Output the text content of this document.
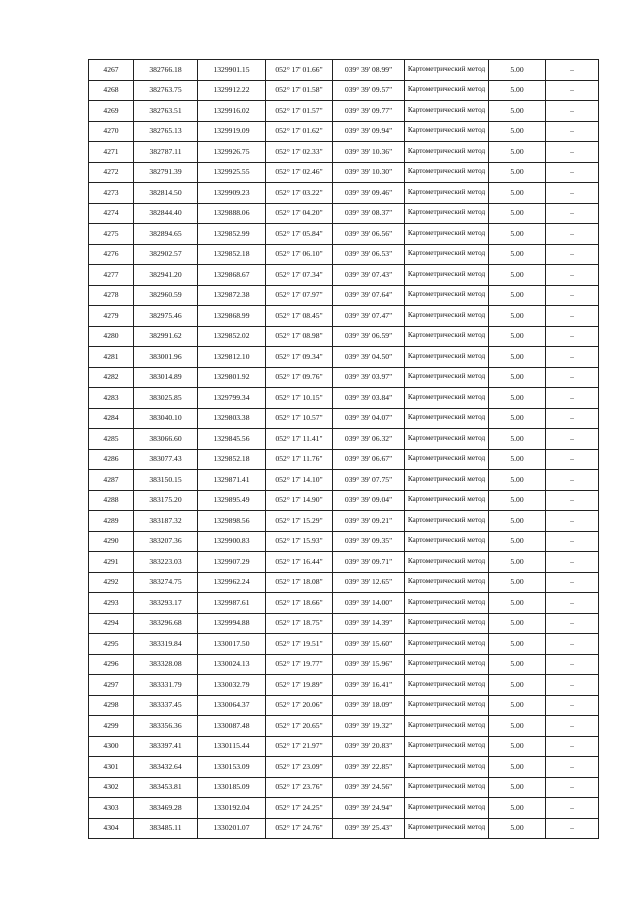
4267	382766.18	1329901.15	052° 17' 01.66"	039° 39' 08.99"	Картометрический метод	5.00	–
4268	382763.75	1329912.22	052° 17' 01.58"	039° 39' 09.57"	Картометрический метод	5.00	–
4269	382763.51	1329916.02	052° 17' 01.57"	039° 39' 09.77"	Картометрический метод	5.00	–
4270	382765.13	1329919.09	052° 17' 01.62"	039° 39' 09.94"	Картометрический метод	5.00	–
4271	382787.11	1329926.75	052° 17' 02.33"	039° 39' 10.36"	Картометрический метод	5.00	–
4272	382791.39	1329925.55	052° 17' 02.46"	039° 39' 10.30"	Картометрический метод	5.00	–
4273	382814.50	1329909.23	052° 17' 03.22"	039° 39' 09.46"	Картометрический метод	5.00	–
4274	382844.40	1329888.06	052° 17' 04.20"	039° 39' 08.37"	Картометрический метод	5.00	–
4275	382894.65	1329852.99	052° 17' 05.84"	039° 39' 06.56"	Картометрический метод	5.00	–
4276	382902.57	1329852.18	052° 17' 06.10"	039° 39' 06.53"	Картометрический метод	5.00	–
4277	382941.20	1329868.67	052° 17' 07.34"	039° 39' 07.43"	Картометрический метод	5.00	–
4278	382960.59	1329872.38	052° 17' 07.97"	039° 39' 07.64"	Картометрический метод	5.00	–
4279	382975.46	1329868.99	052° 17' 08.45"	039° 39' 07.47"	Картометрический метод	5.00	–
4280	382991.62	1329852.02	052° 17' 08.98"	039° 39' 06.59"	Картометрический метод	5.00	–
4281	383001.96	1329812.10	052° 17' 09.34"	039° 39' 04.50"	Картометрический метод	5.00	–
4282	383014.89	1329801.92	052° 17' 09.76"	039° 39' 03.97"	Картометрический метод	5.00	–
4283	383025.85	1329799.34	052° 17' 10.15"	039° 39' 03.84"	Картометрический метод	5.00	–
4284	383040.10	1329803.38	052° 17' 10.57"	039° 39' 04.07"	Картометрический метод	5.00	–
4285	383066.60	1329845.56	052° 17' 11.41"	039° 39' 06.32"	Картометрический метод	5.00	–
4286	383077.43	1329852.18	052° 17' 11.76"	039° 39' 06.67"	Картометрический метод	5.00	–
4287	383150.15	1329871.41	052° 17' 14.10"	039° 39' 07.75"	Картометрический метод	5.00	–
4288	383175.20	1329895.49	052° 17' 14.90"	039° 39' 09.04"	Картометрический метод	5.00	–
4289	383187.32	1329898.56	052° 17' 15.29"	039° 39' 09.21"	Картометрический метод	5.00	–
4290	383207.36	1329900.83	052° 17' 15.93"	039° 39' 09.35"	Картометрический метод	5.00	–
4291	383223.03	1329907.29	052° 17' 16.44"	039° 39' 09.71"	Картометрический метод	5.00	–
4292	383274.75	1329962.24	052° 17' 18.08"	039° 39' 12.65"	Картометрический метод	5.00	–
4293	383293.17	1329987.61	052° 17' 18.66"	039° 39' 14.00"	Картометрический метод	5.00	–
4294	383296.68	1329994.88	052° 17' 18.75"	039° 39' 14.39"	Картометрический метод	5.00	–
4295	383319.84	1330017.50	052° 17' 19.51"	039° 39' 15.60"	Картометрический метод	5.00	–
4296	383328.08	1330024.13	052° 17' 19.77"	039° 39' 15.96"	Картометрический метод	5.00	–
4297	383331.79	1330032.79	052° 17' 19.89"	039° 39' 16.41"	Картометрический метод	5.00	–
4298	383337.45	1330064.37	052° 17' 20.06"	039° 39' 18.09"	Картометрический метод	5.00	–
4299	383356.36	1330087.48	052° 17' 20.65"	039° 39' 19.32"	Картометрический метод	5.00	–
4300	383397.41	1330115.44	052° 17' 21.97"	039° 39' 20.83"	Картометрический метод	5.00	–
4301	383432.64	1330153.09	052° 17' 23.09"	039° 39' 22.85"	Картометрический метод	5.00	–
4302	383453.81	1330185.09	052° 17' 23.76"	039° 39' 24.56"	Картометрический метод	5.00	–
4303	383469.28	1330192.04	052° 17' 24.25"	039° 39' 24.94"	Картометрический метод	5.00	–
4304	383485.11	1330201.07	052° 17' 24.76"	039° 39' 25.43"	Картометрический метод	5.00	–
